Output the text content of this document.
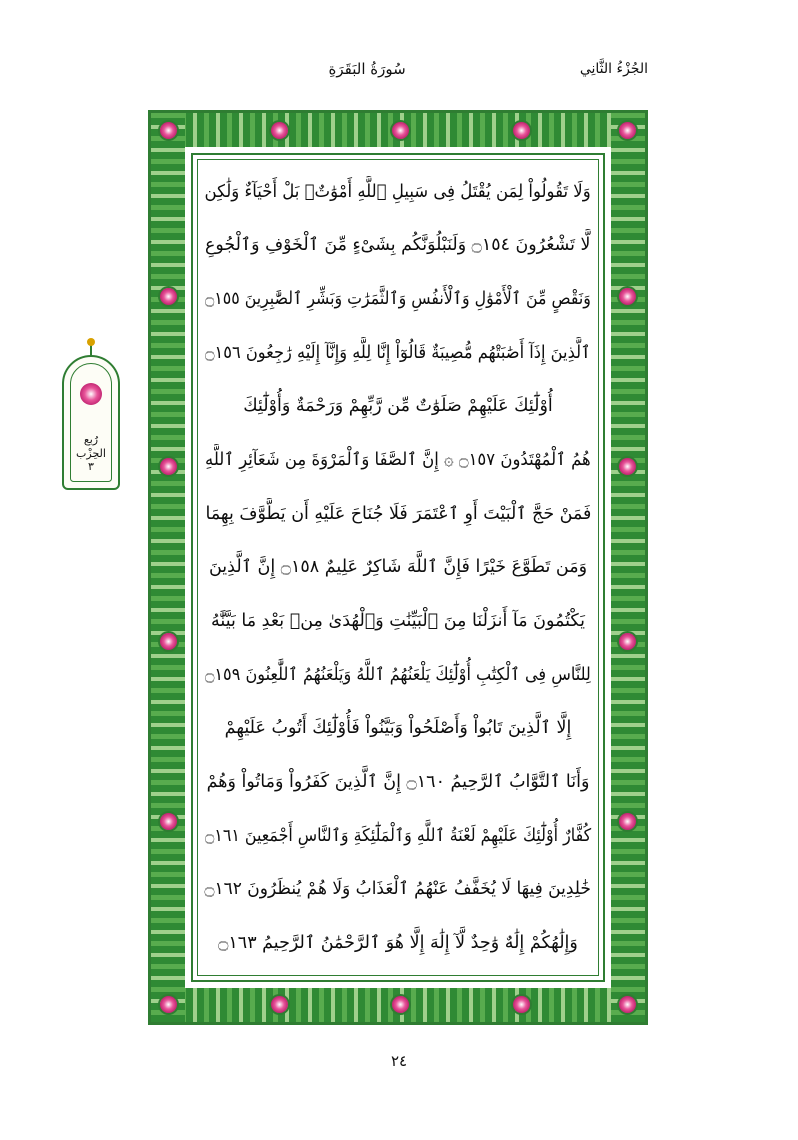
الجُزْءُ الثَّانِي
سُورَةُ البَقَرَةِ
رُبع
الحِزْب
٣
وَلَا تَقُولُواْ لِمَن يُقْتَلُ فِى سَبِيلِ ٱللَّهِ أَمْوَٰتٌۢ بَلْ أَحْيَآءٌ وَلَٰكِن
لَّا تَشْعُرُونَ ۝١٥٤ وَلَنَبْلُوَنَّكُم بِشَىْءٍ مِّنَ ٱلْخَوْفِ وَٱلْجُوعِ
وَنَقْصٍ مِّنَ ٱلْأَمْوَٰلِ وَٱلْأَنفُسِ وَٱلثَّمَرَٰتِ وَبَشِّرِ ٱلصَّٰبِرِينَ ۝١٥٥
ٱلَّذِينَ إِذَآ أَصَٰبَتْهُم مُّصِيبَةٌ قَالُوٓاْ إِنَّا لِلَّهِ وَإِنَّآ إِلَيْهِ رَٰجِعُونَ ۝١٥٦
أُوْلَٰٓئِكَ عَلَيْهِمْ صَلَوَٰتٌ مِّن رَّبِّهِمْ وَرَحْمَةٌ وَأُوْلَٰٓئِكَ
هُمُ ٱلْمُهْتَدُونَ ۝١٥٧ ۞ إِنَّ ٱلصَّفَا وَٱلْمَرْوَةَ مِن شَعَآئِرِ ٱللَّهِ
فَمَنْ حَجَّ ٱلْبَيْتَ أَوِ ٱعْتَمَرَ فَلَا جُنَاحَ عَلَيْهِ أَن يَطَّوَّفَ بِهِمَا
وَمَن تَطَوَّعَ خَيْرًا فَإِنَّ ٱللَّهَ شَاكِرٌ عَلِيمٌ ۝١٥٨ إِنَّ ٱلَّذِينَ
يَكْتُمُونَ مَآ أَنزَلْنَا مِنَ ٱلْبَيِّنَٰتِ وَٱلْهُدَىٰ مِنۢ بَعْدِ مَا بَيَّنَّٰهُ
لِلنَّاسِ فِى ٱلْكِتَٰبِ أُوْلَٰٓئِكَ يَلْعَنُهُمُ ٱللَّهُ وَيَلْعَنُهُمُ ٱللَّٰعِنُونَ ۝١٥٩
إِلَّا ٱلَّذِينَ تَابُواْ وَأَصْلَحُواْ وَبَيَّنُواْ فَأُوْلَٰٓئِكَ أَتُوبُ عَلَيْهِمْ
وَأَنَا ٱلتَّوَّابُ ٱلرَّحِيمُ ۝١٦٠ إِنَّ ٱلَّذِينَ كَفَرُواْ وَمَاتُواْ وَهُمْ
كُفَّارٌ أُوْلَٰٓئِكَ عَلَيْهِمْ لَعْنَةُ ٱللَّهِ وَٱلْمَلَٰٓئِكَةِ وَٱلنَّاسِ أَجْمَعِينَ ۝١٦١
خَٰلِدِينَ فِيهَا لَا يُخَفَّفُ عَنْهُمُ ٱلْعَذَابُ وَلَا هُمْ يُنظَرُونَ ۝١٦٢
وَإِلَٰهُكُمْ إِلَٰهٌ وَٰحِدٌ لَّآ إِلَٰهَ إِلَّا هُوَ ٱلرَّحْمَٰنُ ٱلرَّحِيمُ ۝١٦٣
٢٤
